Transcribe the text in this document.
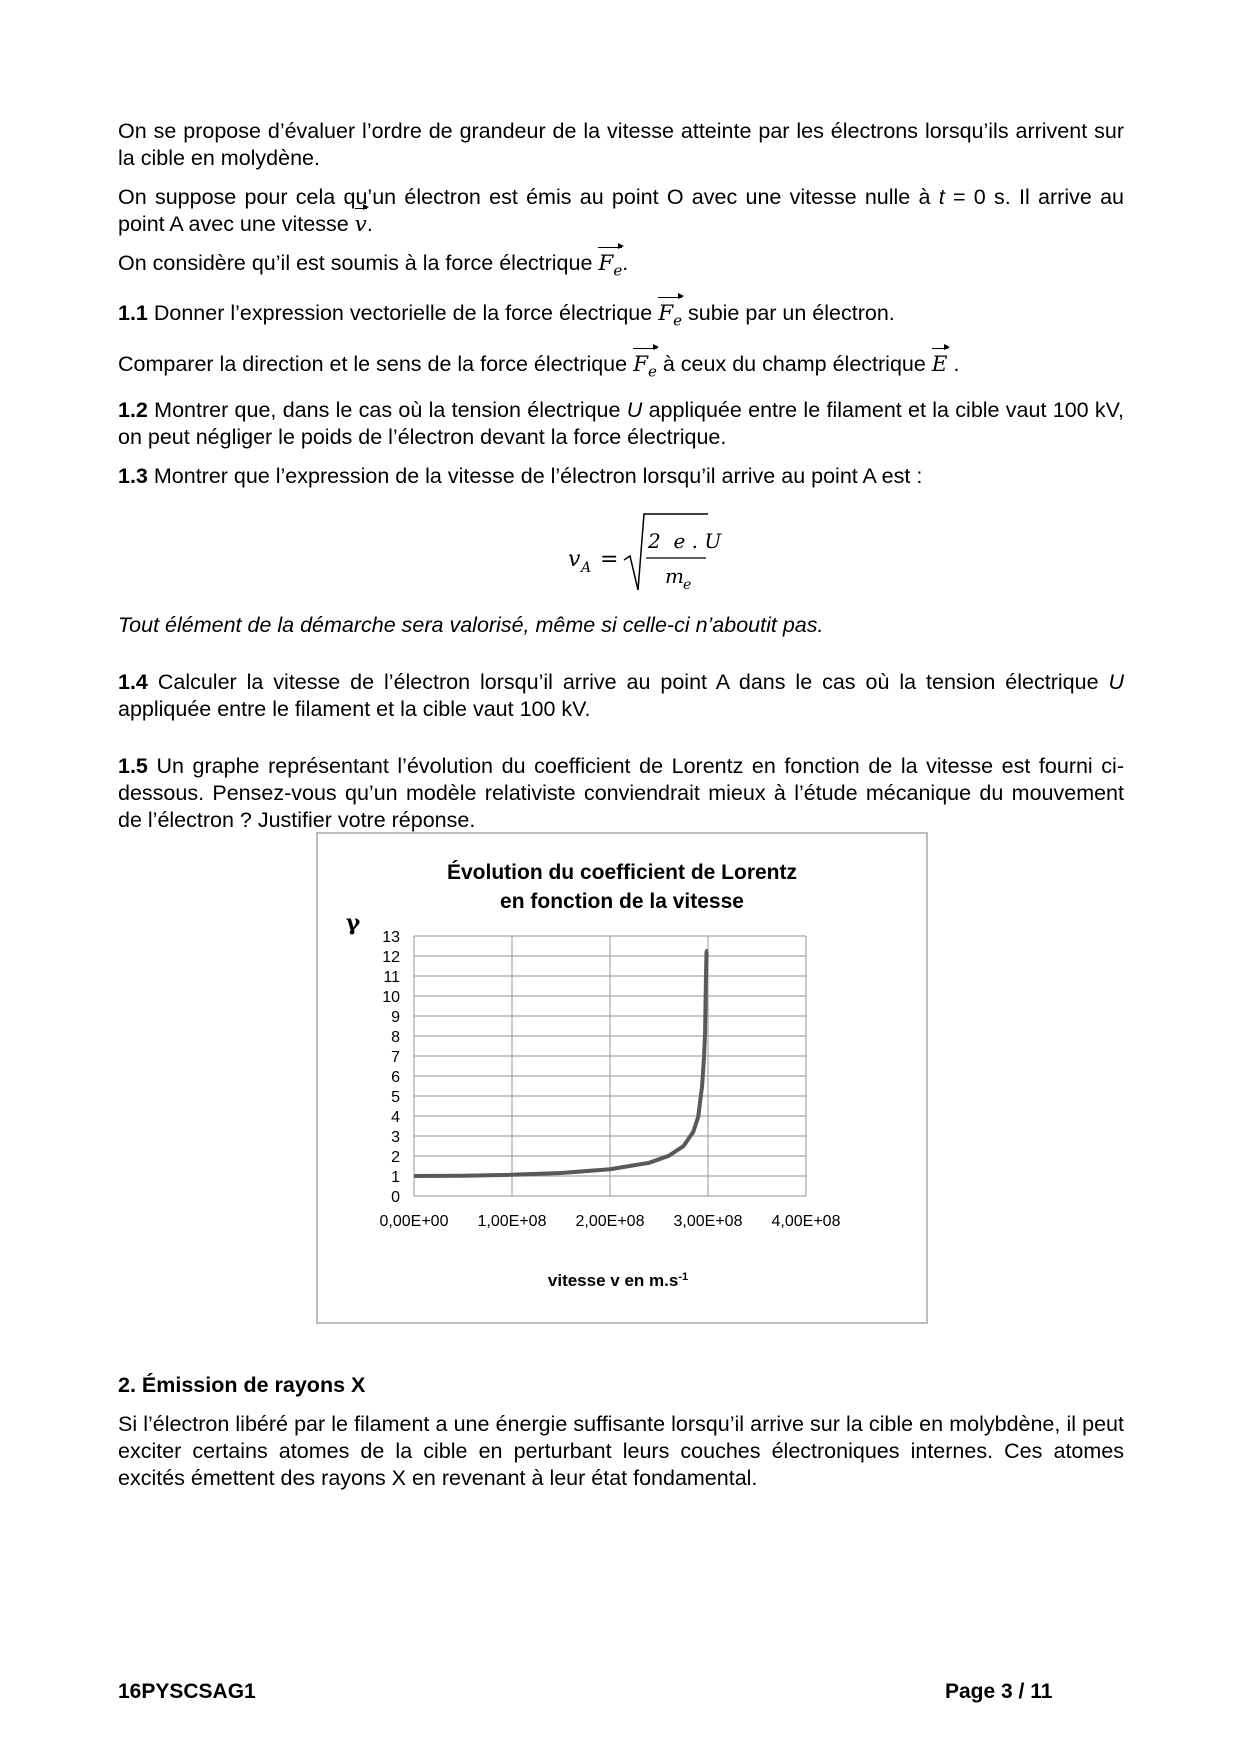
On se propose d’évaluer l’ordre de grandeur de la vitesse atteinte par les électrons lorsqu’ils arrivent sur la cible en molydène.

On suppose pour cela qu’un électron est émis au point O avec une vitesse nulle à t = 0 s. Il arrive au point A avec une vitesse v.

On considère qu’il est soumis à la force électrique $F_e$.

1.1 Donner l’expression vectorielle de la force électrique $F_e$ subie par un électron.

Comparer la direction et le sens de la force électrique $F_e$ à ceux du champ électrique E .

1.2 Montrer que, dans le cas où la tension électrique U appliquée entre le filament et la cible vaut 100 kV, on peut négliger le poids de l’électron devant la force électrique.

1.3 Montrer que l’expression de la vitesse de l’électron lorsqu’il arrive au point A est :

v A =
2  e . U
m e

Tout élément de la démarche sera valorisé, même si celle-ci n’aboutit pas.

1.4 Calculer la vitesse de l’électron lorsqu’il arrive au point A dans le cas où la tension électrique U appliquée entre le filament et la cible vaut 100 kV.

1.5 Un graphe représentant l’évolution du coefficient de Lorentz en fonction de la vitesse est fourni ci-dessous. Pensez-vous qu’un modèle relativiste conviendrait mieux à l’étude mécanique du mouvement de l’électron ? Justifier votre réponse.

Évolution du coefficient de Lorentz
en fonction de la vitesse
γ
0
1
2
3
4
5
6
7
8
9
10
11
12
13
0,00E+00 1,00E+08 2,00E+08 3,00E+08 4,00E+08
vitesse v en $m.s^{-1}$

2. Émission de rayons X

Si l’électron libéré par le filament a une énergie suffisante lorsqu’il arrive sur la cible en molybdène, il peut exciter certains atomes de la cible en perturbant leurs couches électroniques internes. Ces atomes excités émettent des rayons X en revenant à leur état fondamental.

16PYSCSAG1	Page 3 / 11
